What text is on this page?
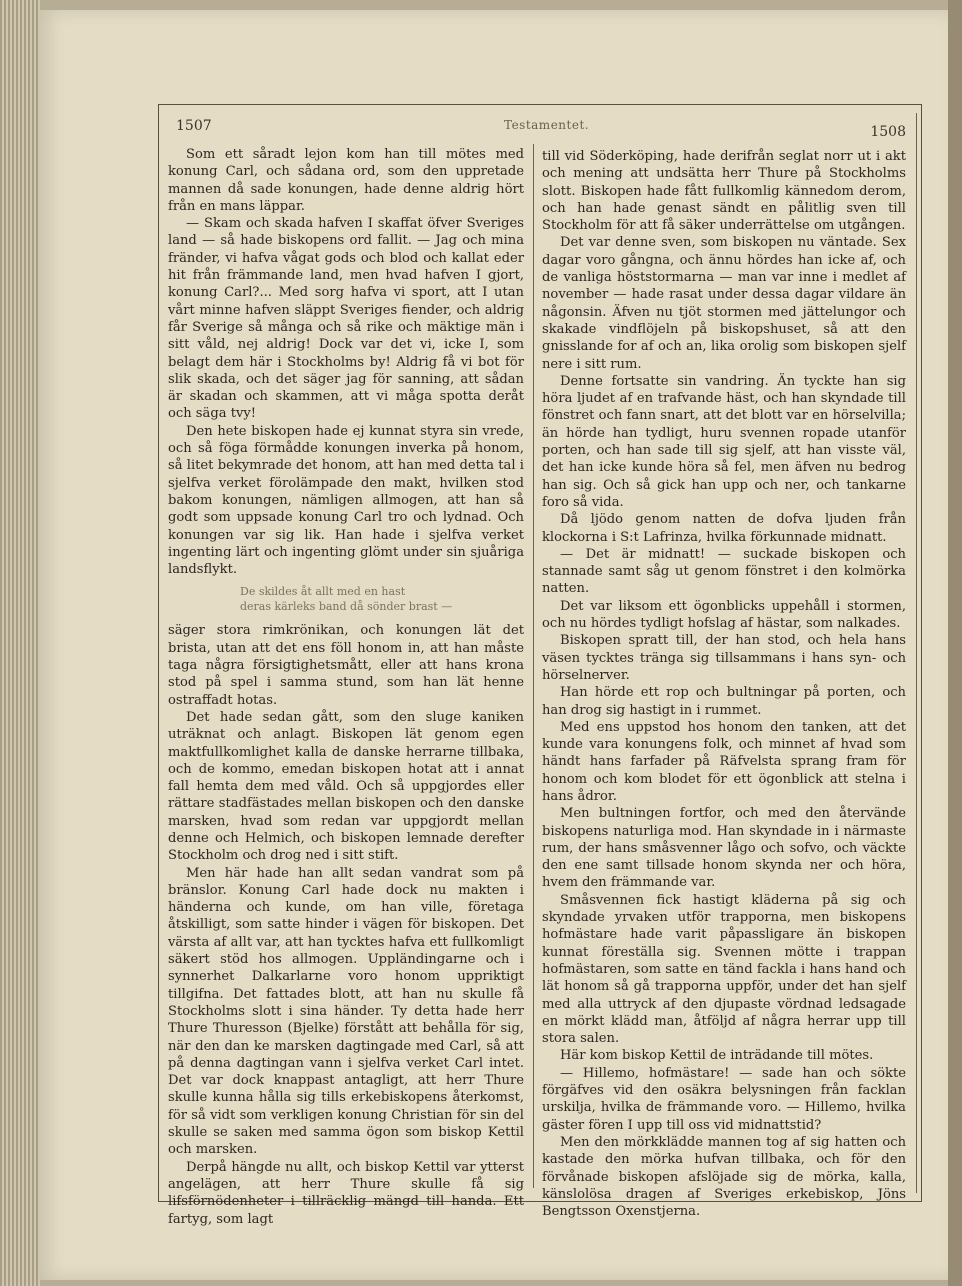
1507	Testamentet.	1508

Som ett såradt lejon kom han till mötes med konung Carl, och sådana ord, som den uppretade mannen då sade konungen, hade denne aldrig hört från en mans läppar.

— Skam och skada hafven I skaffat öfver Sveriges land — så hade biskopens ord fallit. — Jag och mina fränder, vi hafva vågat gods och blod och kallat eder hit från främmande land, men hvad hafven I gjort, konung Carl?... Med sorg hafva vi sport, att I utan vårt minne hafven släppt Sveriges fiender, och aldrig får Sverige så många och så rike och mäktige män i sitt våld, nej aldrig! Dock var det vi, icke I, som belagt dem här i Stockholms by! Aldrig få vi bot för slik skada, och det säger jag för sanning, att sådan är skadan och skammen, att vi måga spotta deråt och säga tvy!

Den hete biskopen hade ej kunnat styra sin vrede, och så föga förmådde konungen inverka på honom, så litet bekymrade det honom, att han med detta tal i sjelfva verket förolämpade den makt, hvilken stod bakom konungen, nämligen allmogen, att han så godt som uppsade konung Carl tro och lydnad. Och konungen var sig lik. Han hade i sjelfva verket ingenting lärt och ingenting glömt under sin sjuåriga landsflykt.

De skildes åt allt med en hast
deras kärleks band då sönder brast —

säger stora rimkrönikan, och konungen lät det brista, utan att det ens föll honom in, att han måste taga några försigtighetsmått, eller att hans krona stod på spel i samma stund, som han lät henne ostraffadt hotas.

Det hade sedan gått, som den sluge kaniken uträknat och anlagt. Biskopen lät genom egen maktfullkomlighet kalla de danske herrarne tillbaka, och de kommo, emedan biskopen hotat att i annat fall hemta dem med våld. Och så uppgjordes eller rättare stadfästades mellan biskopen och den danske marsken, hvad som redan var uppgjordt mellan denne och Helmich, och biskopen lemnade derefter Stockholm och drog ned i sitt stift.

Men här hade han allt sedan vandrat som på bränslor. Konung Carl hade dock nu makten i händerna och kunde, om han ville, företaga åtskilligt, som satte hinder i vägen för biskopen. Det värsta af allt var, att han tycktes hafva ett fullkomligt säkert stöd hos allmogen. Uppländingarne och i synnerhet Dalkarlarne voro honom uppriktigt tillgifna. Det fattades blott, att han nu skulle få Stockholms slott i sina händer. Ty detta hade herr Thure Thuresson (Bjelke) förstått att behålla för sig, när den dan ke marsken dagtingade med Carl, så att på denna dagtingan vann i sjelfva verket Carl intet. Det var dock knappast antagligt, att herr Thure skulle kunna hålla sig tills erkebiskopens återkomst, för så vidt som verkligen konung Christian för sin del skulle se saken med samma ögon som biskop Kettil och marsken.

Derpå hängde nu allt, och biskop Kettil var ytterst angelägen, att herr Thure skulle få sig lifsförnödenheter i tillräcklig mängd till handa. Ett fartyg, som lagt

till vid Söderköping, hade derifrån seglat norr ut i akt och mening att undsätta herr Thure på Stockholms slott. Biskopen hade fått fullkomlig kännedom derom, och han hade genast sändt en pålitlig sven till Stockholm för att få säker underrättelse om utgången.

Det var denne sven, som biskopen nu väntade. Sex dagar voro gångna, och ännu hördes han icke af, och de vanliga höststormarna — man var inne i medlet af november — hade rasat under dessa dagar vildare än någonsin. Äfven nu tjöt stormen med jättelungor och skakade vindflöjeln på biskopshuset, så att den gnisslande for af och an, lika orolig som biskopen sjelf nere i sitt rum.

Denne fortsatte sin vandring. Än tyckte han sig höra ljudet af en trafvande häst, och han skyndade till fönstret och fann snart, att det blott var en hörselvilla; än hörde han tydligt, huru svennen ropade utanför porten, och han sade till sig sjelf, att han visste väl, det han icke kunde höra så fel, men äfven nu bedrog han sig. Och så gick han upp och ner, och tankarne foro så vida.

Då ljödo genom natten de dofva ljuden från klockorna i S:t Lafrinza, hvilka förkunnade midnatt.

— Det är midnatt! — suckade biskopen och stannade samt såg ut genom fönstret i den kolmörka natten.

Det var liksom ett ögonblicks uppehåll i stormen, och nu hördes tydligt hofslag af hästar, som nalkades.

Biskopen spratt till, der han stod, och hela hans väsen tycktes tränga sig tillsammans i hans syn- och hörselnerver.

Han hörde ett rop och bultningar på porten, och han drog sig hastigt in i rummet.

Med ens uppstod hos honom den tanken, att det kunde vara konungens folk, och minnet af hvad som händt hans farfader på Räfvelsta sprang fram för honom och kom blodet för ett ögonblick att stelna i hans ådror.

Men bultningen fortfor, och med den återvände biskopens naturliga mod. Han skyndade in i närmaste rum, der hans småsvenner lågo och sofvo, och väckte den ene samt tillsade honom skynda ner och höra, hvem den främmande var.

Småsvennen fick hastigt kläderna på sig och skyndade yrvaken utför trapporna, men biskopens hofmästare hade varit påpassligare än biskopen kunnat föreställa sig. Svennen mötte i trappan hofmästaren, som satte en tänd fackla i hans hand och lät honom så gå trapporna uppför, under det han sjelf med alla uttryck af den djupaste vördnad ledsagade en mörkt klädd man, åtföljd af några herrar upp till stora salen.

Här kom biskop Kettil de inträdande till mötes.

— Hillemo, hofmästare! — sade han och sökte förgäfves vid den osäkra belysningen från facklan urskilja, hvilka de främmande voro. — Hillemo, hvilka gäster fören I upp till oss vid midnattstid?

Men den mörkklädde mannen tog af sig hatten och kastade den mörka hufvan tillbaka, och för den förvånade biskopen afslöjade sig de mörka, kalla, känslolösa dragen af Sveriges erkebiskop, Jöns Bengtsson Oxenstjerna.
